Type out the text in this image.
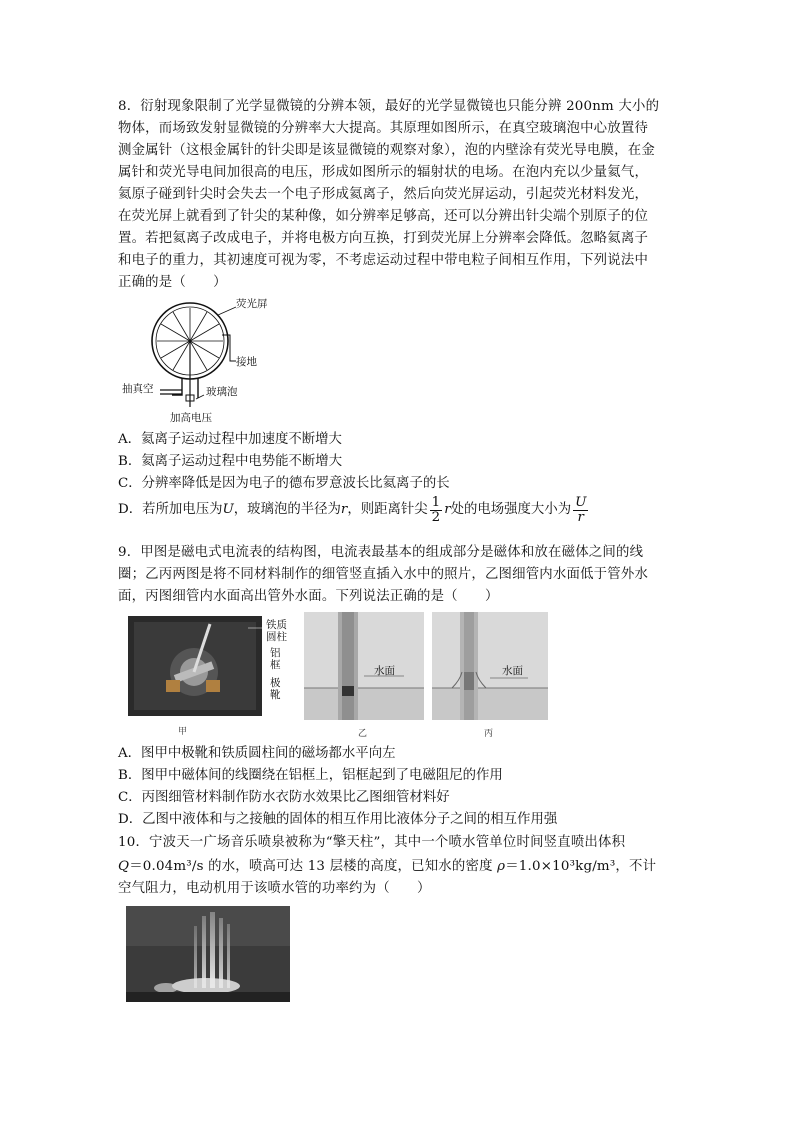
8．衍射现象限制了光学显微镜的分辨本领，最好的光学显微镜也只能分辨 200nm 大小的
物体，而场致发射显微镜的分辨率大大提高。其原理如图所示，在真空玻璃泡中心放置待
测金属针（这根金属针的针尖即是该显微镜的观察对象），泡的内壁涂有荧光导电膜，在金
属针和荧光导电间加很高的电压，形成如图所示的辐射状的电场。在泡内充以少量氦气，
氦原子碰到针尖时会失去一个电子形成氦离子，然后向荧光屏运动，引起荧光材料发光，
在荧光屏上就看到了针尖的某种像，如分辨率足够高，还可以分辨出针尖端个别原子的位
置。若把氦离子改成电子，并将电极方向互换，打到荧光屏上分辨率会降低。忽略氦离子
和电子的重力，其初速度可视为零，不考虑运动过程中带电粒子间相互作用，下列说法中
正确的是（　　）
荧光屏
接地
抽真空	玻璃泡
加高电压
A．氦离子运动过程中加速度不断增大
B．氦离子运动过程中电势能不断增大
C．分辨率降低是因为电子的德布罗意波长比氦离子的长
D．若所加电压为 U ，玻璃泡的半径为 r ，则距离针尖 $\frac{1}{2}$ r 处的电场强度大小为 $\frac{U}{r}$
9．甲图是磁电式电流表的结构图，电流表最基本的组成部分是磁体和放在磁体之间的线
圈；乙丙两图是将不同材料制作的细管竖直插入水中的照片，乙图细管内水面低于管外水
面，丙图细管内水面高出管外水面。下列说法正确的是（　　）
铁质
圆柱
铝
框
极
靴
甲
水面
乙
水面
丙
A．图甲中极靴和铁质圆柱间的磁场都水平向左
B．图甲中磁体间的线圈绕在铝框上，铝框起到了电磁阻尼的作用
C．丙图细管材料制作防水衣防水效果比乙图细管材料好
D．乙图中液体和与之接触的固体的相互作用比液体分子之间的相互作用强
10．宁波天一广场音乐喷泉被称为“擎天柱”，其中一个喷水管单位时间竖直喷出体积
Q＝0.04m³/s 的水，喷高可达 13 层楼的高度，已知水的密度 ρ＝1.0×10³kg/m³，不计
空气阻力，电动机用于该喷水管的功率约为（　　）
